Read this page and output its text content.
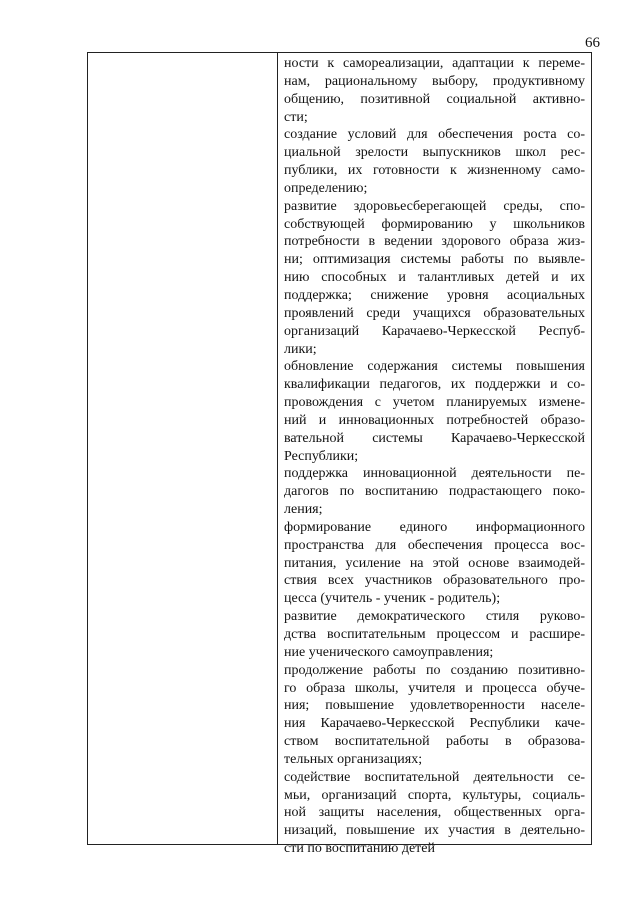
66

ности к самореализации, адаптации к переме-
нам, рациональному выбору, продуктивному
общению, позитивной социальной активно-
сти;

создание условий для обеспечения роста со-
циальной зрелости выпускников школ рес-
публики, их готовности к жизненному само-
определению;

развитие здоровьесберегающей среды, спо-
собствующей формированию у школьников
потребности в ведении здорового образа жиз-
ни; оптимизация системы работы по выявле-
нию способных и талантливых детей и их
поддержка; снижение уровня асоциальных
проявлений среди учащихся образовательных
организаций Карачаево-Черкесской Респуб-
лики;

обновление содержания системы повышения
квалификации педагогов, их поддержки и со-
провождения с учетом планируемых измене-
ний и инновационных потребностей образо-
вательной системы Карачаево-Черкесской
Республики;

поддержка инновационной деятельности пе-
дагогов по воспитанию подрастающего поко-
ления;

формирование единого информационного
пространства для обеспечения процесса вос-
питания, усиление на этой основе взаимодей-
ствия всех участников образовательного про-
цесса (учитель - ученик - родитель);

развитие демократического стиля руково-
дства воспитательным процессом и расшире-
ние ученического самоуправления;

продолжение работы по созданию позитивно-
го образа школы, учителя и процесса обуче-
ния; повышение удовлетворенности населе-
ния Карачаево-Черкесской Республики каче-
ством воспитательной работы в образова-
тельных организациях;

содействие воспитательной деятельности се-
мьи, организаций спорта, культуры, социаль-
ной защиты населения, общественных орга-
низаций, повышение их участия в деятельно-
сти по воспитанию детей
